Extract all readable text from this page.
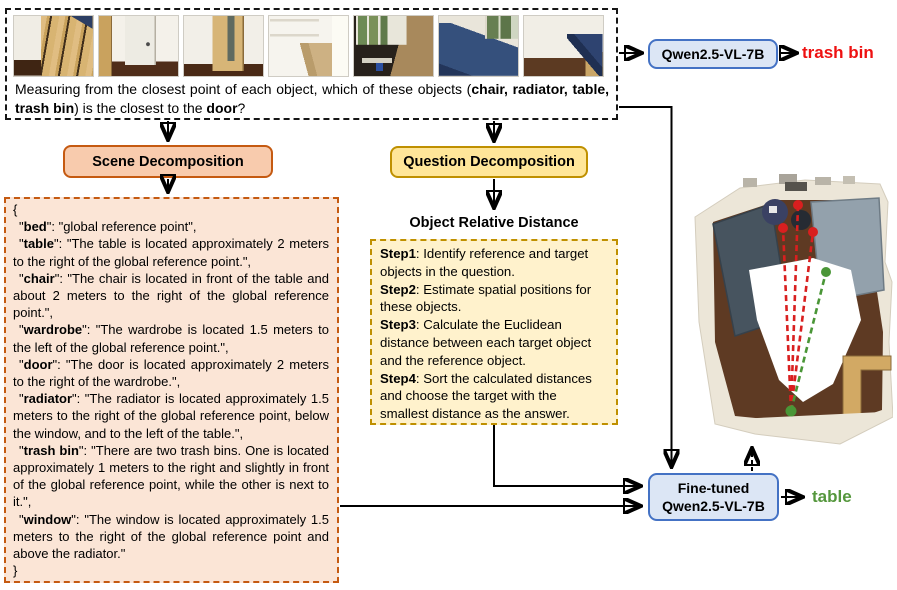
Measuring from the closest point of each object, which of these objects (chair, radiator, table, trash bin) is the closest to the door?
Qwen2.5-VL-7B trash bin
Scene Decomposition	Question Decomposition

{

"bed": "global reference point",

"table": "The table is located approximately 2 meters to the right of the global reference point.",

"chair": "The chair is located in front of the table and about 2 meters to the right of the global reference point.",

"wardrobe": "The wardrobe is located 1.5 meters to the left of the global reference point.",

"door": "The door is located approximately 2 meters to the right of the wardrobe.",

"radiator": "The radiator is located approximately 1.5 meters to the right of the global reference point, below the window, and to the left of the table.",

"trash bin": "There are two trash bins. One is located approximately 1 meters to the right and slightly in front of the global reference point, while the other is next to it.",

"window": "The window is located approximately 1.5 meters to the right of the global reference point and above the radiator."

}

Object Relative Distance

Step1: Identify reference and target objects in the question.

Step2: Estimate spatial positions for these objects.

Step3: Calculate the Euclidean distance between each target object and the reference object.

Step4: Sort the calculated distances and choose the target with the smallest distance as the answer.

Fine-tuned
Qwen2.5-VL-7B	table
